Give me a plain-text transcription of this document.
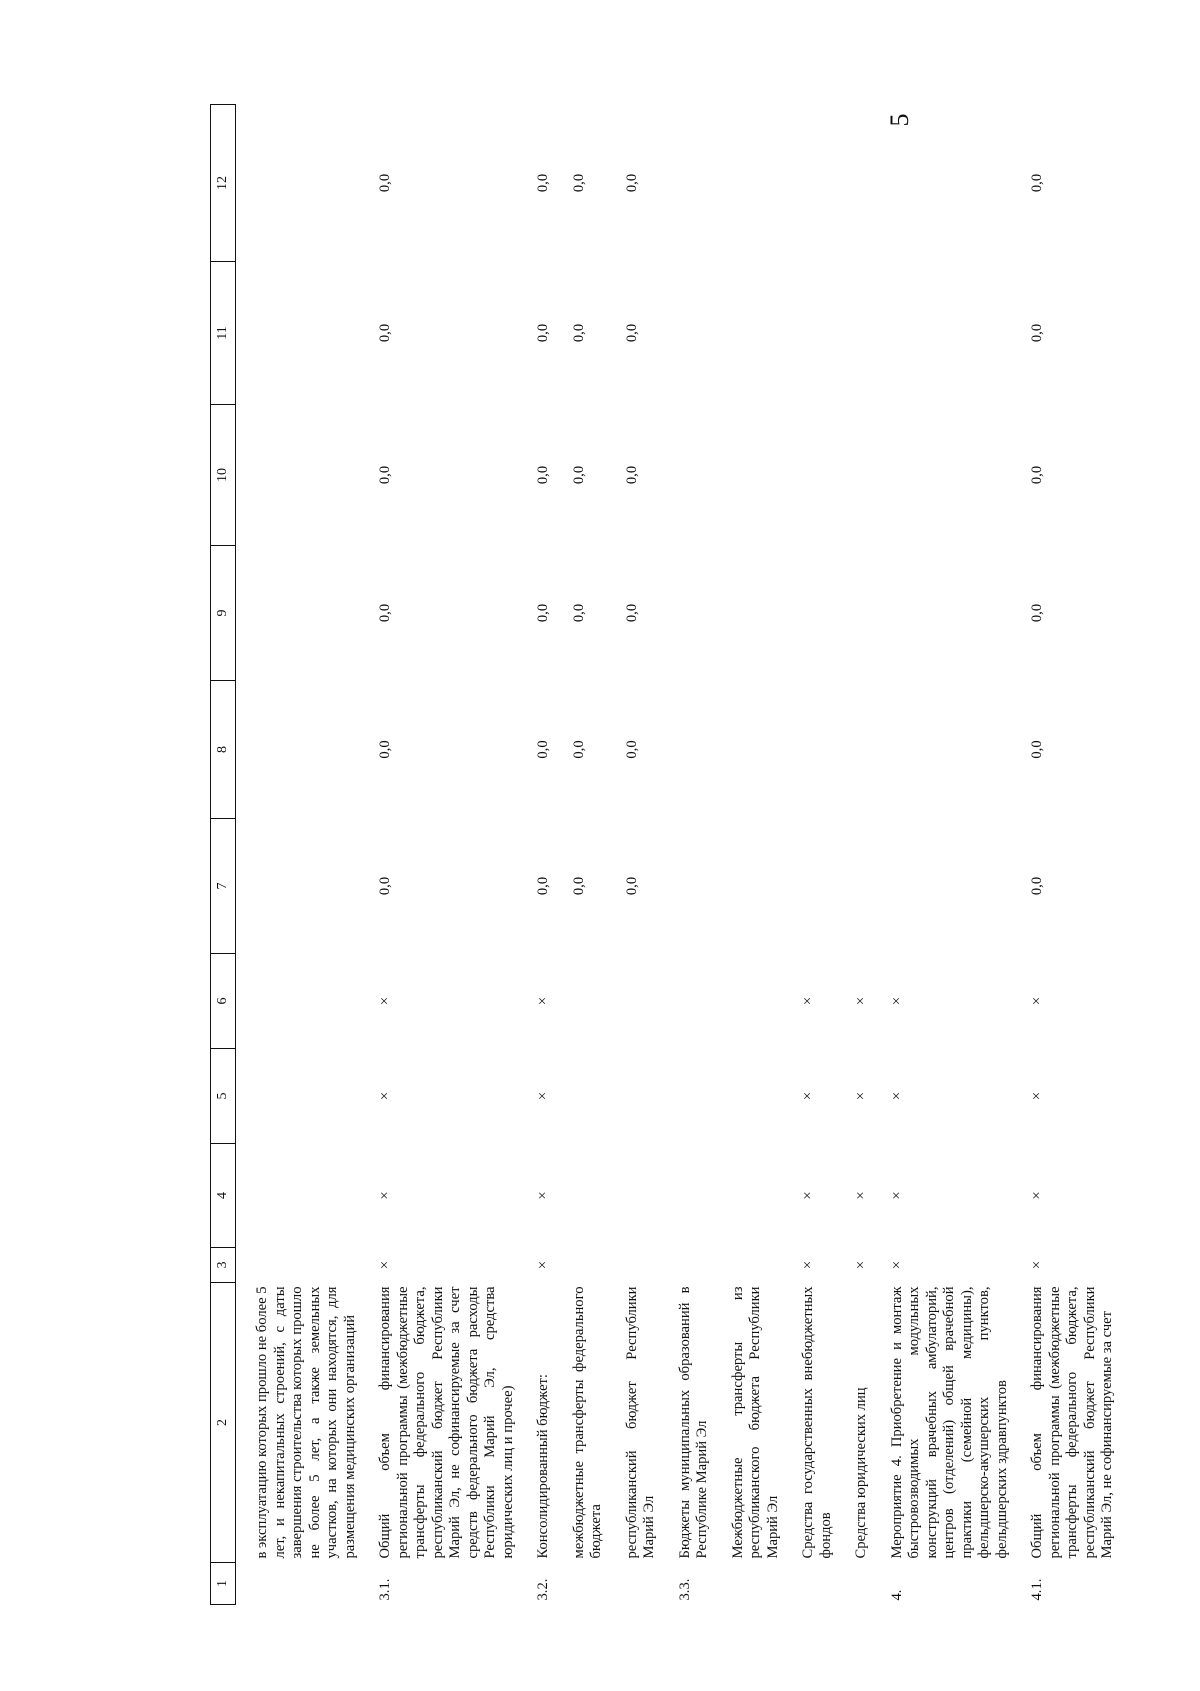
5
1	2	3	4	5	6	7	8	9	10	11	12

	в эксплуатацию которых прошло не более 5 лет, и некапитальных строений, с даты завершения строительства которых прошло не более 5 лет, а также земельных участков, на которых они находятся, для размещения медицинских организаций										

3.1.	Общий объем финансирования региональной программы (межбюджетные трансферты федерального бюджета, республиканский бюджет Республики Марий Эл, не софинансируемые за счет средств федерального бюджета расходы Республики Марий Эл, средства юридических лиц и прочее)	×	×	×	×	0,0	0,0	0,0	0,0	0,0	0,0

3.2.	Консолидированный бюджет:	×	×	×	×	0,0	0,0	0,0	0,0	0,0	0,0

	межбюджетные трансферты федерального бюджета					0,0	0,0	0,0	0,0	0,0	0,0

	республиканский бюджет Республики Марий Эл					0,0	0,0	0,0	0,0	0,0	0,0

3.3.	Бюджеты муниципальных образований в Республике Марий Эл										

	Межбюджетные трансферты из республиканского бюджета Республики Марий Эл										

	Средства государственных внебюджетных фондов	×	×	×	×						

	Средства юридических лиц	×	×	×	×						

4.	Мероприятие 4. Приобретение и монтаж быстровозводимых модульных конструкций врачебных амбулаторий, центров (отделений) общей врачебной практики (семейной медицины), фельдшерско-акушерских пунктов, фельдшерских здравпунктов	×	×	×	×						

4.1.	Общий объем финансирования региональной программы (межбюджетные трансферты федерального бюджета, республиканский бюджет Республики Марий Эл, не софинансируемые за счет	×	×	×	×	0,0	0,0	0,0	0,0	0,0	0,0
